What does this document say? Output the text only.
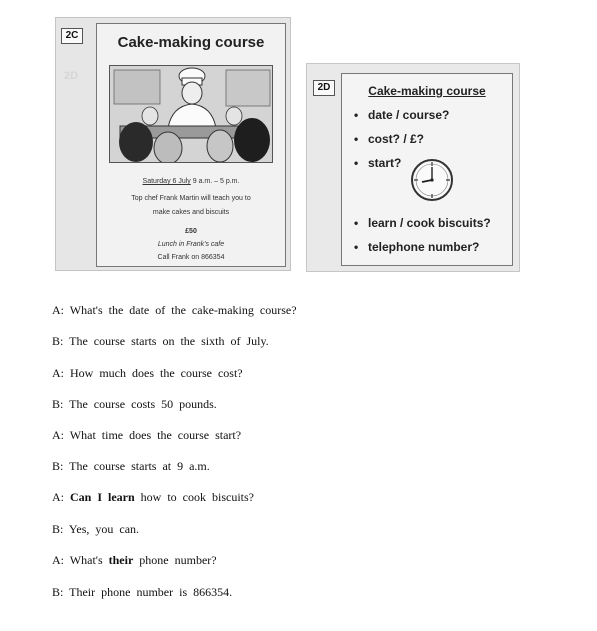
2C
2D
Cake-making course
Saturday 6 July 9 a.m. – 5 p.m.
Top chef Frank Martin will teach you to
make cakes and biscuits
£50
Lunch in Frank's cafe
Call Frank on 866354
2D	Cake-making course
• date / course?
• cost? / £?
• start?
• learn / cook biscuits?
• telephone number?
A: What's the date of the cake-making course?
B: The course starts on the sixth of July.
A: How much does the course cost?
B: The course costs 50 pounds.
A: What time does the course start?
B: The course starts at 9 a.m.
A: Can I learn how to cook biscuits?
B: Yes, you can.
A: What's their phone number?
B: Their phone number is 866354.
